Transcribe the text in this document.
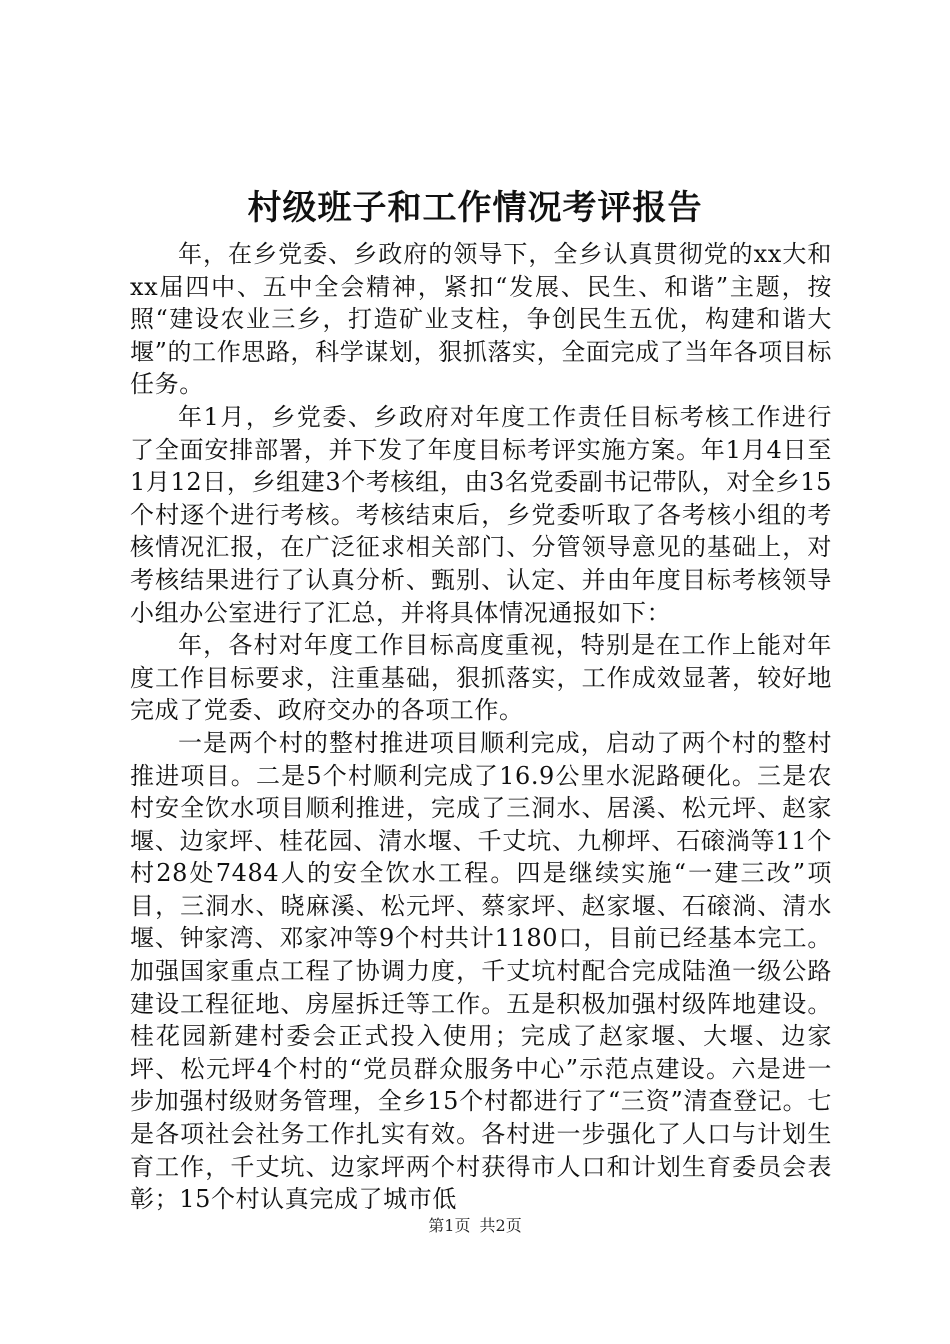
村级班子和工作情况考评报告

年，在乡党委、乡政府的领导下，全乡认真贯彻党的xx大和xx届四中、五中全会精神，紧扣“发展、民生、和谐”主题，按照“建设农业三乡，打造矿业支柱，争创民生五优，构建和谐大堰”的工作思路，科学谋划，狠抓落实，全面完成了当年各项目标任务。

年1月，乡党委、乡政府对年度工作责任目标考核工作进行了全面安排部署，并下发了年度目标考评实施方案。年1月4日至1月12日，乡组建3个考核组，由3名党委副书记带队，对全乡15个村逐个进行考核。考核结束后，乡党委听取了各考核小组的考核情况汇报，在广泛征求相关部门、分管领导意见的基础上，对考核结果进行了认真分析、甄别、认定、并由年度目标考核领导小组办公室进行了汇总，并将具体情况通报如下：

年，各村对年度工作目标高度重视，特别是在工作上能对年度工作目标要求，注重基础，狠抓落实，工作成效显著，较好地完成了党委、政府交办的各项工作。

一是两个村的整村推进项目顺利完成，启动了两个村的整村推进项目。二是5个村顺利完成了16.9公里水泥路硬化。三是农村安全饮水项目顺利推进，完成了三洞水、居溪、松元坪、赵家堰、边家坪、桂花园、清水堰、千丈坑、九柳坪、石磙淌等11个村28处7484人的安全饮水工程。四是继续实施“一建三改”项目，三洞水、晓麻溪、松元坪、蔡家坪、赵家堰、石磙淌、清水堰、钟家湾、邓家冲等9个村共计1180口，目前已经基本完工。加强国家重点工程了协调力度，千丈坑村配合完成陆渔一级公路建设工程征地、房屋拆迁等工作。五是积极加强村级阵地建设。桂花园新建村委会正式投入使用；完成了赵家堰、大堰、边家坪、松元坪4个村的“党员群众服务中心”示范点建设。六是进一步加强村级财务管理，全乡15个村都进行了“三资”清查登记。七是各项社会社务工作扎实有效。各村进一步强化了人口与计划生育工作，千丈坑、边家坪两个村获得市人口和计划生育委员会表彰；15个村认真完成了城市低

第1页 共2页
